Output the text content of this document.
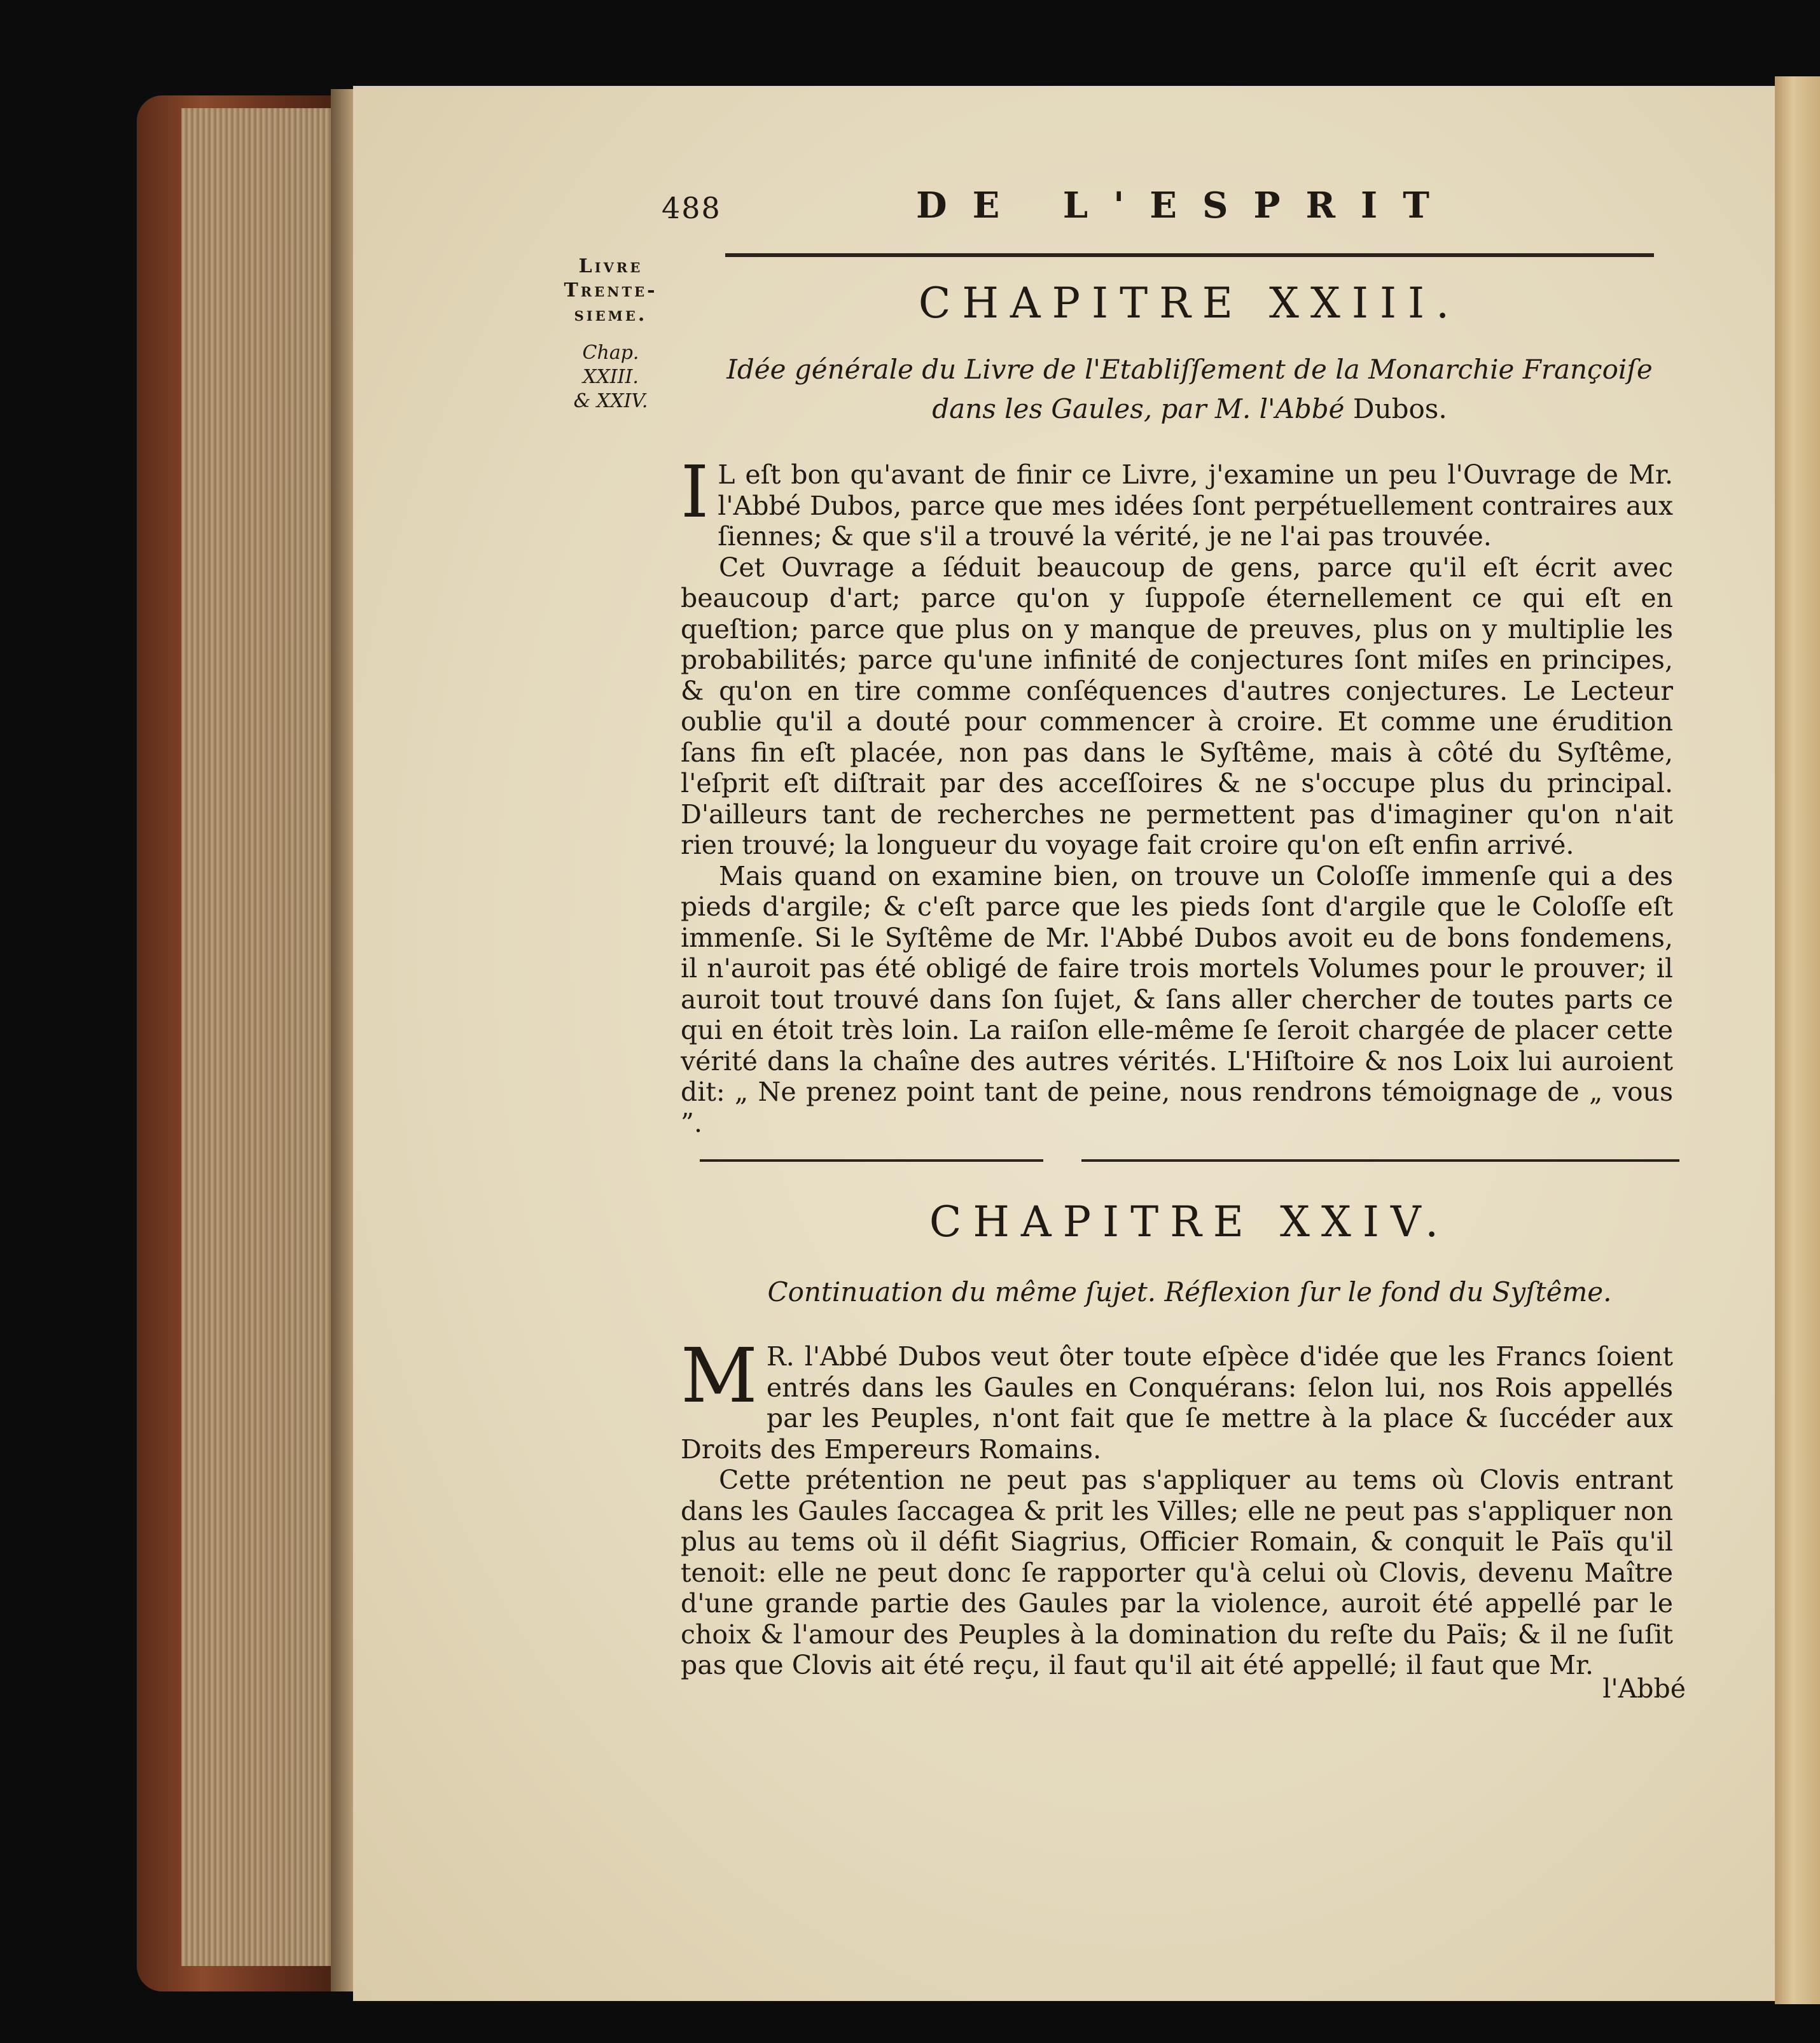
488	DE L'ESPRIT
Livre
Trente-
sieme.
Chap.
XXIII.
& XXIV.
CHAPITRE XXIII.
Idée générale du Livre de l'Etabliſſement de la Monarchie Françoiſe
dans les Gaules, par M. l'Abbé Dubos.

I L eſt bon qu'avant de finir ce Livre, j'examine un peu l'Ouvrage de Mr. l'Abbé Dubos, parce que mes idées ſont perpétuellement contraires aux ſiennes; & que s'il a trouvé la vérité, je ne l'ai pas trouvée.

Cet Ouvrage a ſéduit beaucoup de gens, parce qu'il eſt écrit avec beaucoup d'art; parce qu'on y ſuppoſe éternellement ce qui eſt en queſtion; parce que plus on y manque de preuves, plus on y multiplie les probabilités; parce qu'une infinité de conjectures ſont miſes en principes, & qu'on en tire comme conſéquences d'autres conjectures. Le Lecteur oublie qu'il a douté pour commencer à croire. Et comme une érudition ſans fin eſt placée, non pas dans le Syſtême, mais à côté du Syſtême, l'eſprit eſt diſtrait par des acceſſoires & ne s'occupe plus du principal. D'ailleurs tant de recherches ne permettent pas d'imaginer qu'on n'ait rien trouvé; la longueur du voyage fait croire qu'on eſt enfin arrivé.

Mais quand on examine bien, on trouve un Coloſſe immenſe qui a des pieds d'argile; & c'eſt parce que les pieds ſont d'argile que le Coloſſe eſt immenſe. Si le Syſtême de Mr. l'Abbé Dubos avoit eu de bons fondemens, il n'auroit pas été obligé de faire trois mortels Volumes pour le prouver; il auroit tout trouvé dans ſon ſujet, & ſans aller chercher de toutes parts ce qui en étoit très loin. La raiſon elle-même ſe ſeroit chargée de placer cette vérité dans la chaîne des autres vérités. L'Hiſtoire & nos Loix lui auroient dit: „ Ne prenez point tant de peine, nous rendrons témoignage de „ vous ”.

CHAPITRE XXIV.
Continuation du même ſujet. Réflexion ſur le fond du Syſtême.

M R. l'Abbé Dubos veut ôter toute eſpèce d'idée que les Francs ſoient entrés dans les Gaules en Conquérans: ſelon lui, nos Rois appellés par les Peuples, n'ont fait que ſe mettre à la place & ſuccéder aux Droits des Empereurs Romains.

Cette prétention ne peut pas s'appliquer au tems où Clovis entrant dans les Gaules ſaccagea & prit les Villes; elle ne peut pas s'appliquer non plus au tems où il défit Siagrius, Officier Romain, & conquit le Païs qu'il tenoit: elle ne peut donc ſe rapporter qu'à celui où Clovis, devenu Maître d'une grande partie des Gaules par la violence, auroit été appellé par le choix & l'amour des Peuples à la domination du reſte du Païs; & il ne ſuſit pas que Clovis ait été reçu, il faut qu'il ait été appellé; il faut que Mr.

l'Abbé
